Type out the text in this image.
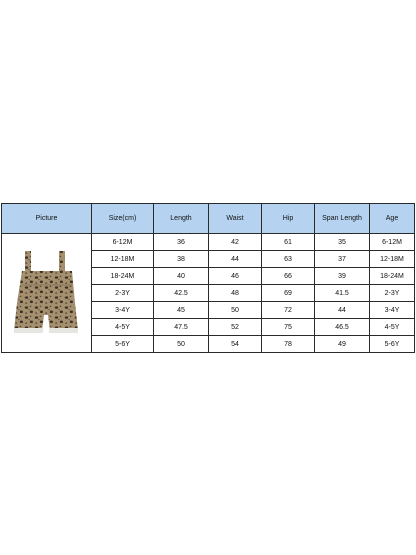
Picture	Size(cm)	Length	Waist	Hip	Span Length	Age

	6-12M	36	42	61	35	6-12M
	12-18M	38	44	63	37	12-18M
	18-24M	40	46	66	39	18-24M
	2-3Y	42.5	48	69	41.5	2-3Y
	3-4Y	45	50	72	44	3-4Y
	4-5Y	47.5	52	75	46.5	4-5Y
	5-6Y	50	54	78	49	5-6Y
